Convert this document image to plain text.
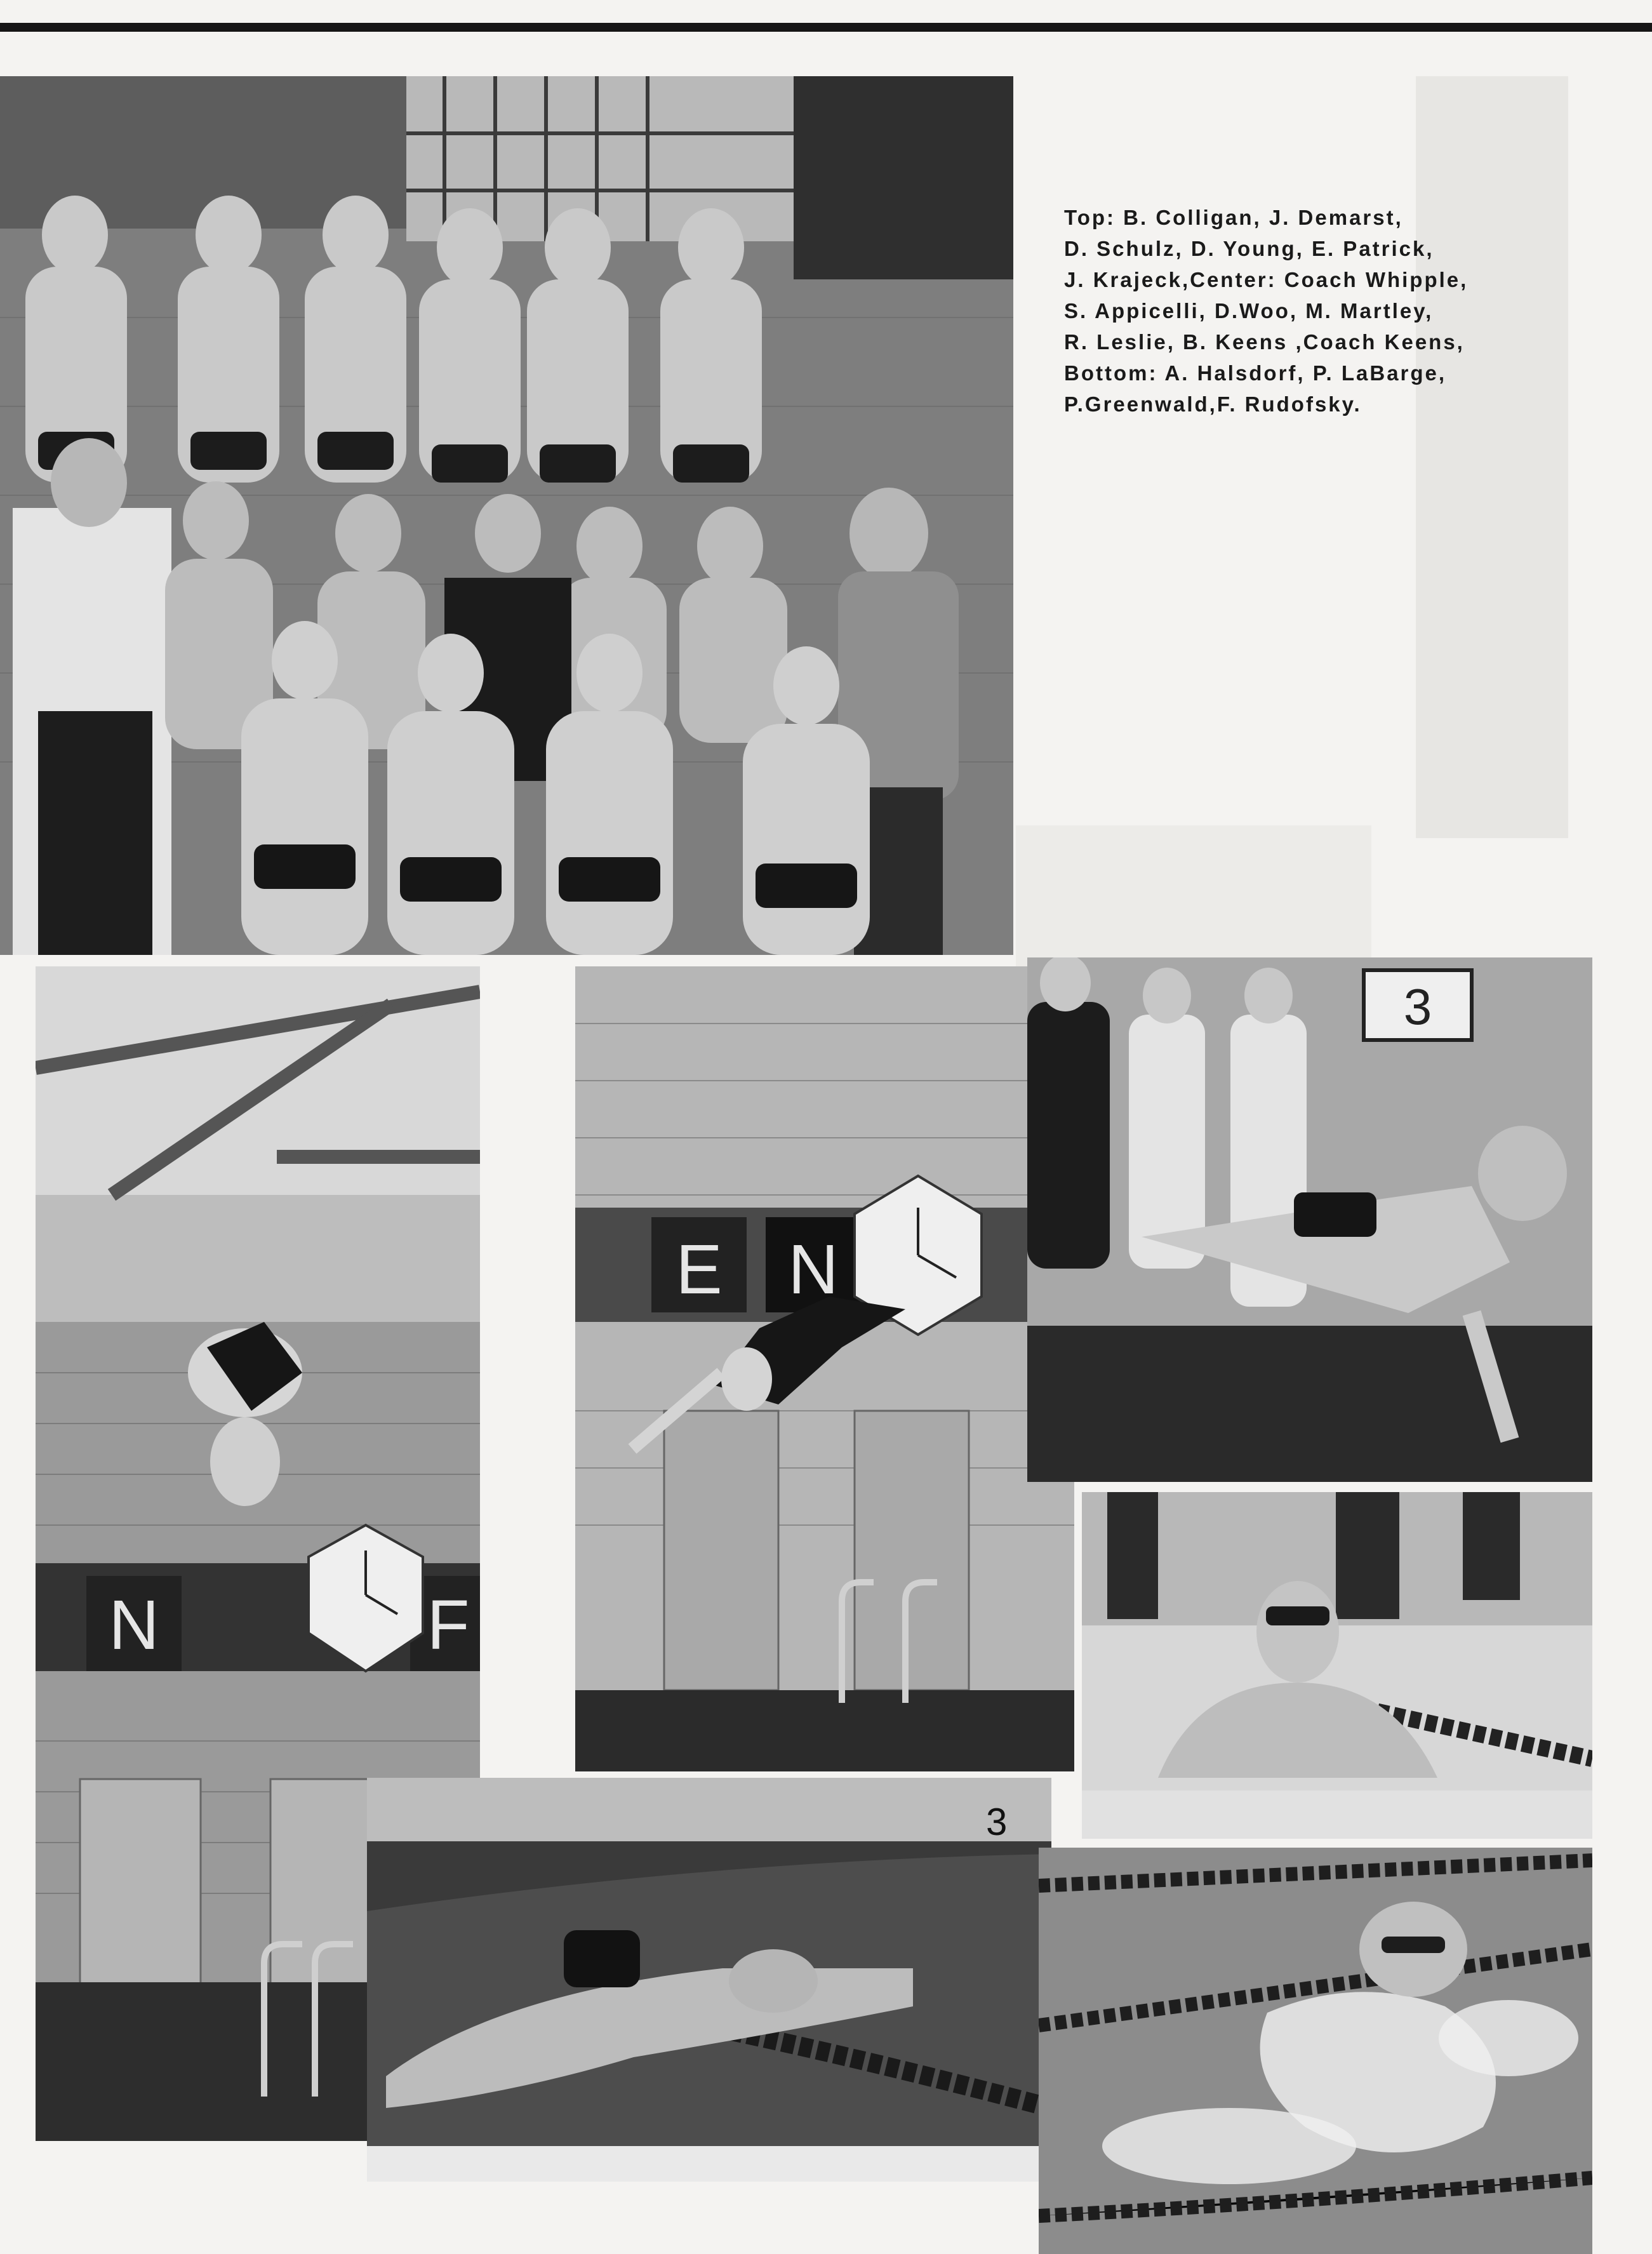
Top: B. Colligan, J. Demarst,
D. Schulz, D. Young, E. Patrick,
J. Krajeck,Center: Coach Whipple,
S. Appicelli, D.Woo, M. Martley,
R. Leslie, B. Keens ,Coach Keens,
Bottom: A. Halsdorf, P. LaBarge,
P.Greenwald,F. Rudofsky.
N	F
E N
3
3
